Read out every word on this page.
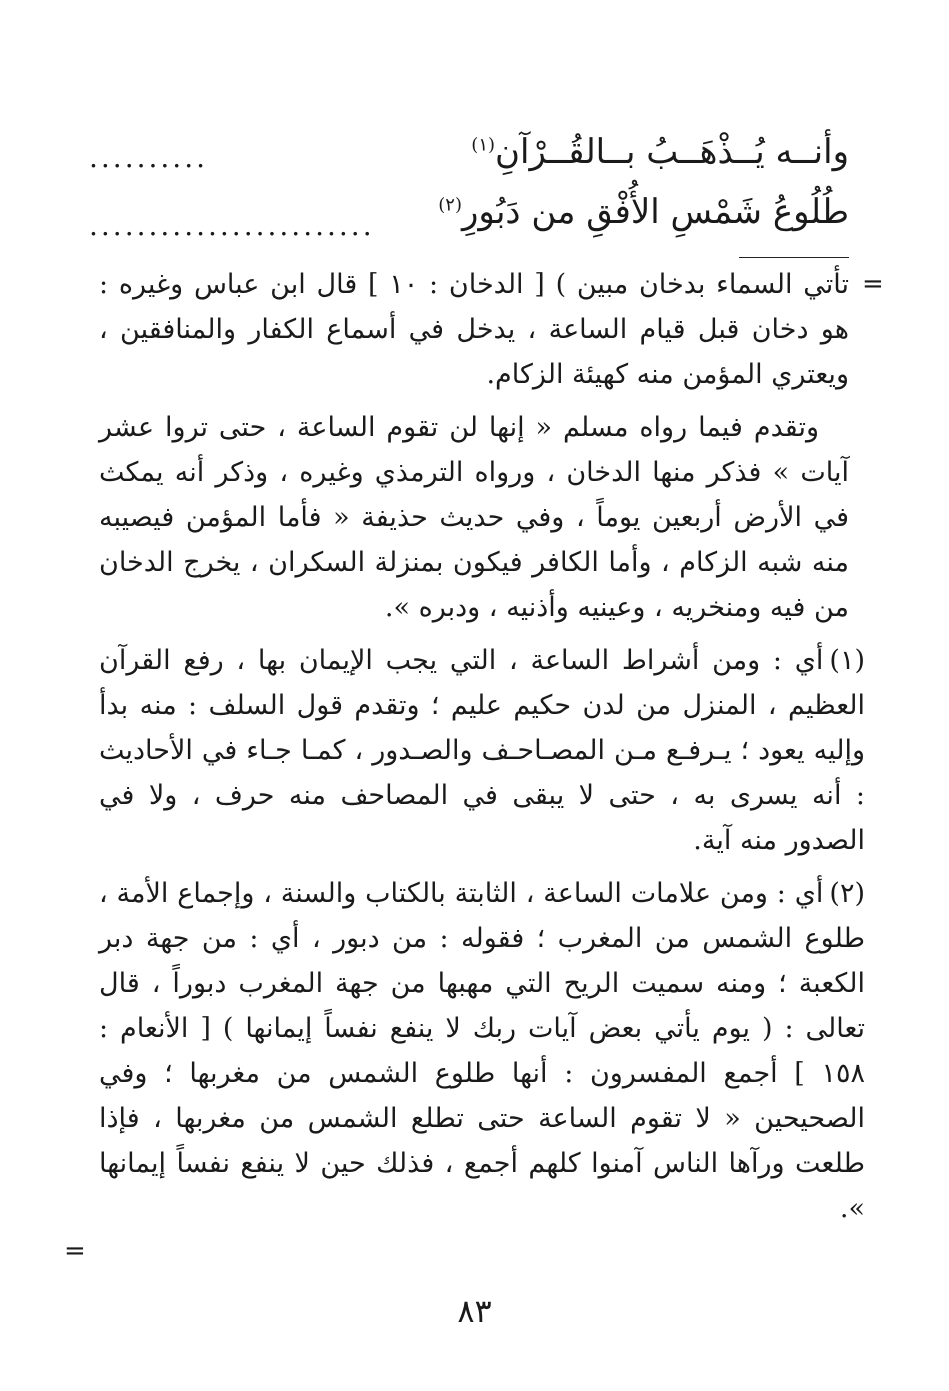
وأنــه يُــذْهَــبُ بــالقُــرْآنِ$^{(١)}$
..........
طُلُوعُ شَمْسِ الأُفْقِ من دَبُورِ$^{(٢)}$
........................
=

تأتي السماء بدخان مبين ) [ الدخان : ١٠ ] قال ابن عباس وغيره : هو دخان قبل قيام الساعة ، يدخل في أسماع الكفار والمنافقين ، ويعتري المؤمن منه كهيئة الزكام.

وتقدم فيما رواه مسلم « إنها لن تقوم الساعة ، حتى تروا عشر آيات » فذكر منها الدخان ، ورواه الترمذي وغيره ، وذكر أنه يمكث في الأرض أربعين يوماً ، وفي حديث حذيفة « فأما المؤمن فيصيبه منه شبه الزكام ، وأما الكافر فيكون بمنزلة السكران ، يخرج الدخان من فيه ومنخريه ، وعينيه وأذنيه ، ودبره ».

(١)أي : ومن أشراط الساعة ، التي يجب الإيمان بها ، رفع القرآن العظيم ، المنزل من لدن حكيم عليم ؛ وتقدم قول السلف : منه بدأ وإليه يعود ؛ يـرفـع مـن المصـاحـف والصـدور ، كمـا جـاء في الأحاديث : أنه يسرى به ، حتى لا يبقى في المصاحف منه حرف ، ولا في الصدور منه آية.

(٢)أي : ومن علامات الساعة ، الثابتة بالكتاب والسنة ، وإجماع الأمة ، طلوع الشمس من المغرب ؛ فقوله : من دبور ، أي : من جهة دبر الكعبة ؛ ومنه سميت الريح التي مهبها من جهة المغرب دبوراً ، قال تعالى : ( يوم يأتي بعض آيات ربك لا ينفع نفساً إيمانها ) [ الأنعام : ١٥٨ ] أجمع المفسرون : أنها طلوع الشمس من مغربها ؛ وفي الصحيحين « لا تقوم الساعة حتى تطلع الشمس من مغربها ، فإذا طلعت ورآها الناس آمنوا كلهم أجمع ، فذلك حين لا ينفع نفساً إيمانها ».

=
٨٣
